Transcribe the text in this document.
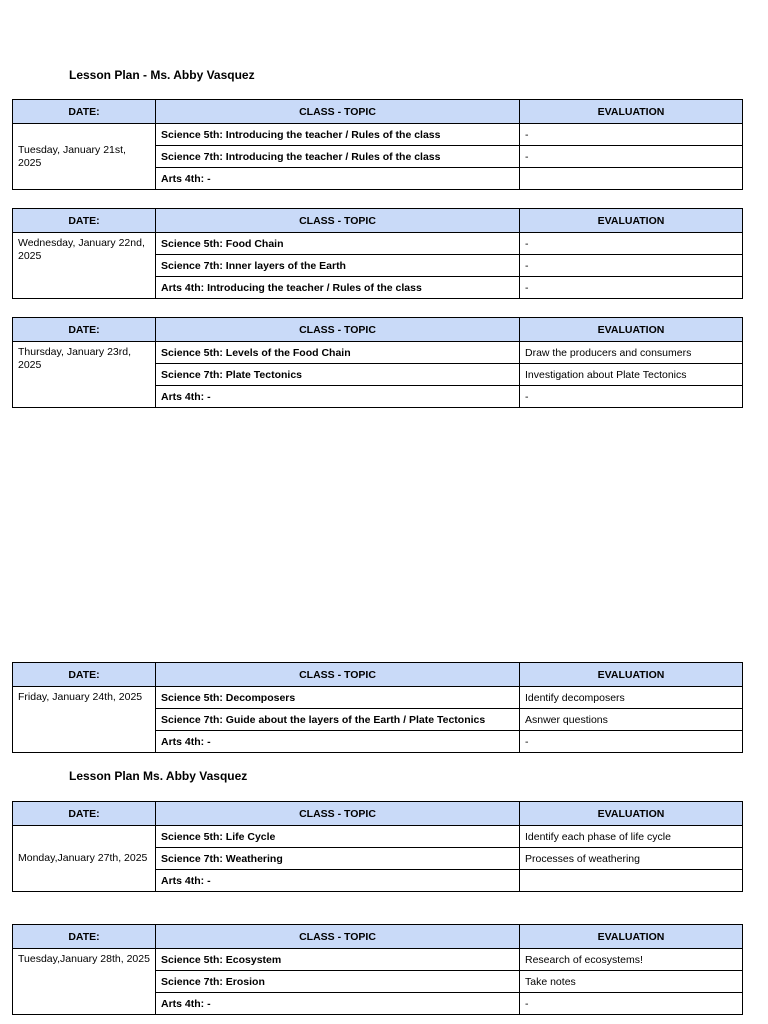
Lesson Plan - Ms. Abby Vasquez

DATE:	CLASS - TOPIC	EVALUATION
Tuesday, January 21st, 2025	Science 5th: Introducing the teacher / Rules of the class	-
	Science 7th: Introducing the teacher / Rules of the class	-
	Arts 4th: -	
DATE:	CLASS - TOPIC	EVALUATION
Wednesday, January 22nd, 2025	Science 5th: Food Chain	-
	Science 7th: Inner layers of the Earth	-
	Arts 4th: Introducing the teacher / Rules of the class	-
DATE:	CLASS - TOPIC	EVALUATION
Thursday, January 23rd, 2025	Science 5th: Levels of the Food Chain	Draw the producers and consumers
	Science 7th: Plate Tectonics	Investigation about Plate Tectonics
	Arts 4th: -	-
DATE:	CLASS - TOPIC	EVALUATION
Friday, January 24th, 2025	Science 5th: Decomposers	Identify decomposers
	Science 7th: Guide about the layers of the Earth / Plate Tectonics	Asnwer questions
	Arts 4th: -	-

Lesson Plan Ms. Abby Vasquez

DATE:	CLASS - TOPIC	EVALUATION
Monday,January 27th, 2025	Science 5th: Life Cycle	Identify each phase of life cycle
	Science 7th: Weathering	Processes of weathering
	Arts 4th: -	
DATE:	CLASS - TOPIC	EVALUATION
Tuesday,January 28th, 2025	Science 5th: Ecosystem	Research of ecosystems!
	Science 7th: Erosion	Take notes
	Arts 4th: -	-
